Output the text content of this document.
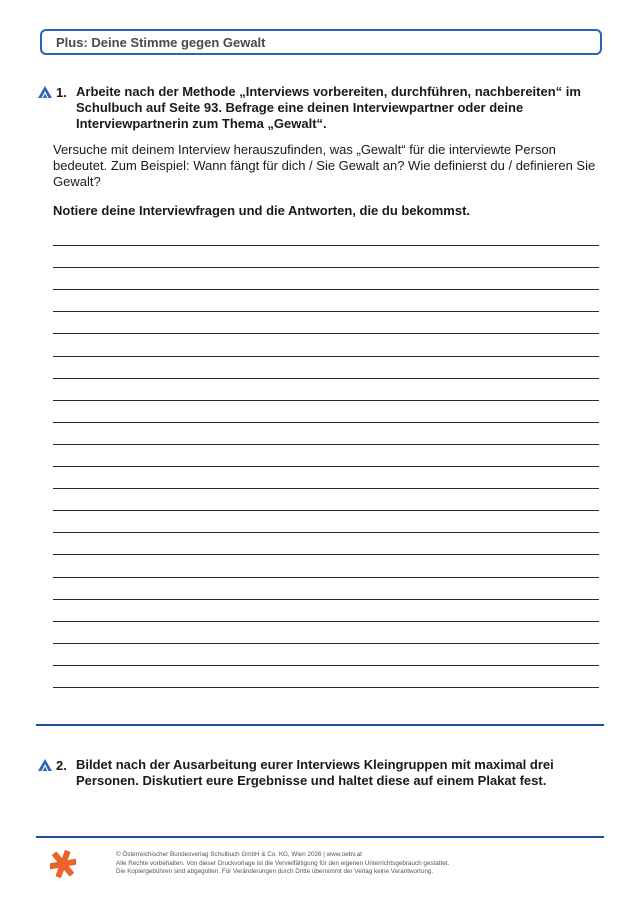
Plus: Deine Stimme gegen Gewalt
1. Arbeite nach der Methode „Interviews vorbereiten, durchführen, nachbereiten“ im
Schulbuch auf Seite 93. Befrage eine deinen Interviewpartner oder deine
Interviewpartnerin zum Thema „Gewalt“.
Versuche mit deinem Interview herauszufinden, was „Gewalt“ für die interviewte Person
bedeutet. Zum Beispiel: Wann fängt für dich / Sie Gewalt an? Wie definierst du / definieren Sie
Gewalt?
Notiere deine Interviewfragen und die Antworten, die du bekommst.
2. Bildet nach der Ausarbeitung eurer Interviews Kleingruppen mit maximal drei
Personen. Diskutiert eure Ergebnisse und haltet diese auf einem Plakat fest.
© Österreichischer Bundesverlag Schulbuch GmbH & Co. KG, Wien 2026 | www.oebv.at
Alle Rechte vorbehalten. Von dieser Druckvorlage ist die Vervielfältigung für den eigenen Unterrichtsgebrauch gestattet.
Die Kopiergebühren sind abgegolten. Für Veränderungen durch Dritte übernimmt der Verlag keine Verantwortung.
